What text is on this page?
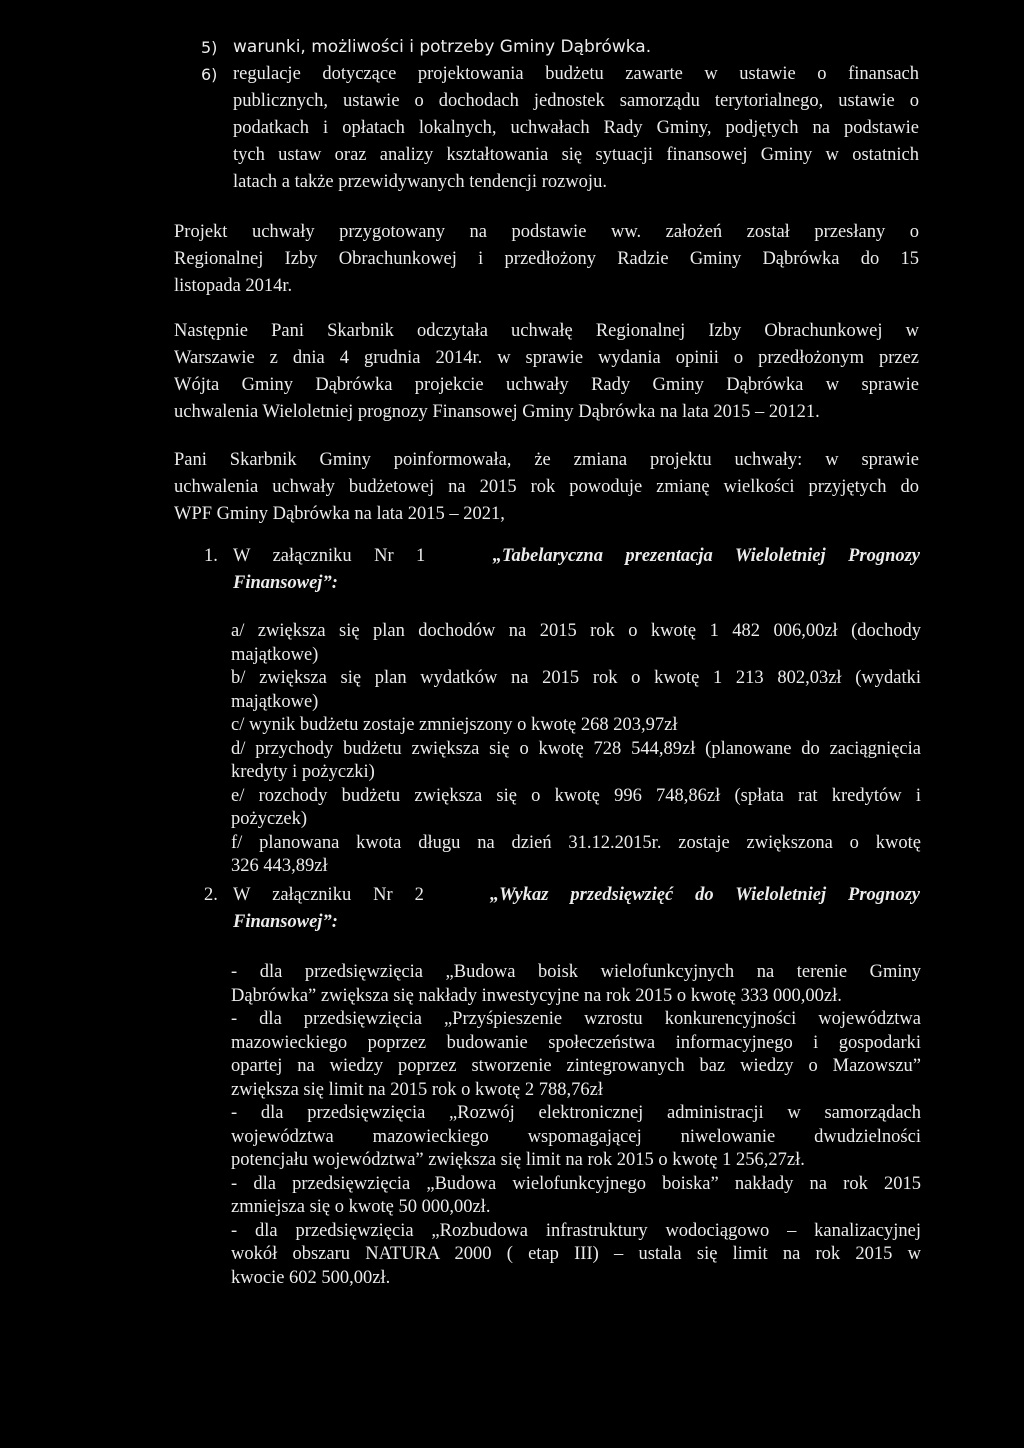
5) warunki, możliwości i potrzeby Gminy Dąbrówka.

6) regulacje dotyczące projektowania budżetu zawarte w ustawie o finansach
publicznych, ustawie o dochodach jednostek samorządu terytorialnego, ustawie o
podatkach i opłatach lokalnych, uchwałach Rady Gminy, podjętych na podstawie
tych ustaw oraz analizy kształtowania się sytuacji finansowej Gminy w ostatnich
latach a także przewidywanych tendencji rozwoju.

Projekt uchwały przygotowany na podstawie ww. założeń został przesłany o
Regionalnej Izby Obrachunkowej i przedłożony Radzie Gminy Dąbrówka do 15
listopada 2014r.

Następnie Pani Skarbnik odczytała uchwałę Regionalnej Izby Obrachunkowej w
Warszawie z dnia 4 grudnia 2014r. w sprawie wydania opinii o przedłożonym przez
Wójta Gminy Dąbrówka projekcie uchwały Rady Gminy Dąbrówka w sprawie
uchwalenia Wieloletniej prognozy Finansowej Gminy Dąbrówka na lata 2015 – 20121.

Pani Skarbnik Gminy poinformowała, że zmiana projektu uchwały: w sprawie
uchwalenia uchwały budżetowej na 2015 rok powoduje zmianę wielkości przyjętych do
WPF Gminy Dąbrówka na lata 2015 – 2021,

1. W załączniku Nr 1	„Tabelaryczna prezentacja Wieloletniej Prognozy
Finansowej”:
a/ zwiększa się plan dochodów na 2015 rok o kwotę 1 482 006,00zł (dochody
majątkowe)
b/ zwiększa się plan wydatków na 2015 rok o kwotę 1 213 802,03zł (wydatki
majątkowe)
c/ wynik budżetu zostaje zmniejszony o kwotę 268 203,97zł
d/ przychody budżetu zwiększa się o kwotę 728 544,89zł (planowane do zaciągnięcia
kredyty i pożyczki)
e/ rozchody budżetu zwiększa się o kwotę 996 748,86zł (spłata rat kredytów i
pożyczek)
f/ planowana kwota długu na dzień 31.12.2015r. zostaje zwiększona o kwotę
326 443,89zł
2. W załączniku Nr 2	„Wykaz przedsięwzięć do Wieloletniej Prognozy
Finansowej”:
- dla przedsięwzięcia „Budowa boisk wielofunkcyjnych na terenie Gminy
Dąbrówka” zwiększa się nakłady inwestycyjne na rok 2015 o kwotę 333 000,00zł.
- dla przedsięwzięcia „Przyśpieszenie wzrostu konkurencyjności województwa
mazowieckiego poprzez budowanie społeczeństwa informacyjnego i gospodarki
opartej na wiedzy poprzez stworzenie zintegrowanych baz wiedzy o Mazowszu”
zwiększa się limit na 2015 rok o kwotę 2 788,76zł
- dla przedsięwzięcia „Rozwój elektronicznej administracji w samorządach
województwa mazowieckiego wspomagającej niwelowanie dwudzielności
potencjału województwa” zwiększa się limit na rok 2015 o kwotę 1 256,27zł.
- dla przedsięwzięcia „Budowa wielofunkcyjnego boiska” nakłady na rok 2015
zmniejsza się o kwotę 50 000,00zł.
- dla przedsięwzięcia „Rozbudowa infrastruktury wodociągowo – kanalizacyjnej
wokół obszaru NATURA 2000 ( etap III) – ustala się limit na rok 2015 w
kwocie 602 500,00zł.
